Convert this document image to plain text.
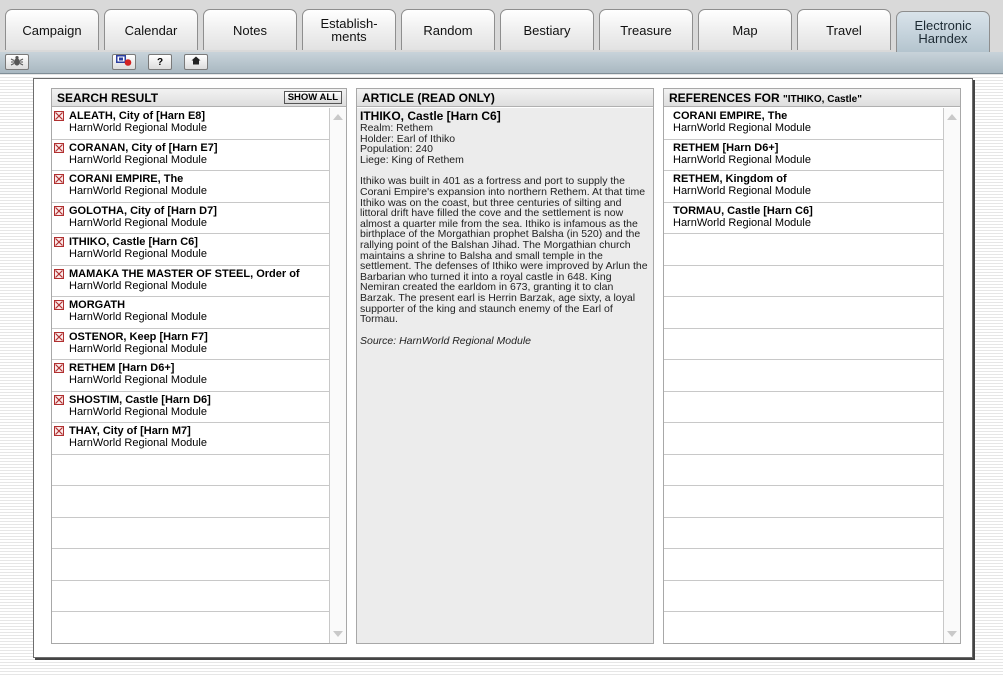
Campaign	Calendar	Notes	Establish-
ments	Random	Bestiary	Treasure	Map	Travel	Electronic
Harndex
?
SEARCH RESULT	SHOW ALL
ALEATH, City of [Harn E8]
HarnWorld Regional Module
CORANAN, City of [Harn E7]
HarnWorld Regional Module
CORANI EMPIRE, The
HarnWorld Regional Module
GOLOTHA, City of [Harn D7]
HarnWorld Regional Module
ITHIKO, Castle [Harn C6]
HarnWorld Regional Module
MAMAKA THE MASTER OF STEEL, Order of
HarnWorld Regional Module
MORGATH
HarnWorld Regional Module
OSTENOR, Keep [Harn F7]
HarnWorld Regional Module
RETHEM [Harn D6+]
HarnWorld Regional Module
SHOSTIM, Castle [Harn D6]
HarnWorld Regional Module
THAY, City of [Harn M7]
HarnWorld Regional Module
ARTICLE (READ ONLY)

ITHIKO, Castle [Harn C6]

Realm: Rethem

Holder: Earl of Ithiko

Population: 240

Liege: King of Rethem

Ithiko was built in 401 as a fortress and port to supply the Corani Empire's expansion into northern Rethem. At that time Ithiko was on the coast, but three centuries of silting and littoral drift have filled the cove and the settlement is now almost a quarter mile from the sea. Ithiko is infamous as the birthplace of the Morgathian prophet Balsha (in 520) and the rallying point of the Balshan Jihad. The Morgathian church maintains a shrine to Balsha and small temple in the settlement. The defenses of Ithiko were improved by Arlun the Barbarian who turned it into a royal castle in 648. King Nemiran created the earldom in 673, granting it to clan Barzak. The present earl is Herrin Barzak, age sixty, a loyal supporter of the king and staunch enemy of the Earl of Tormau.

Source: HarnWorld Regional Module

REFERENCES FOR "ITHIKO, Castle"
CORANI EMPIRE, The
HarnWorld Regional Module
RETHEM [Harn D6+]
HarnWorld Regional Module
RETHEM, Kingdom of
HarnWorld Regional Module
TORMAU, Castle [Harn C6]
HarnWorld Regional Module
